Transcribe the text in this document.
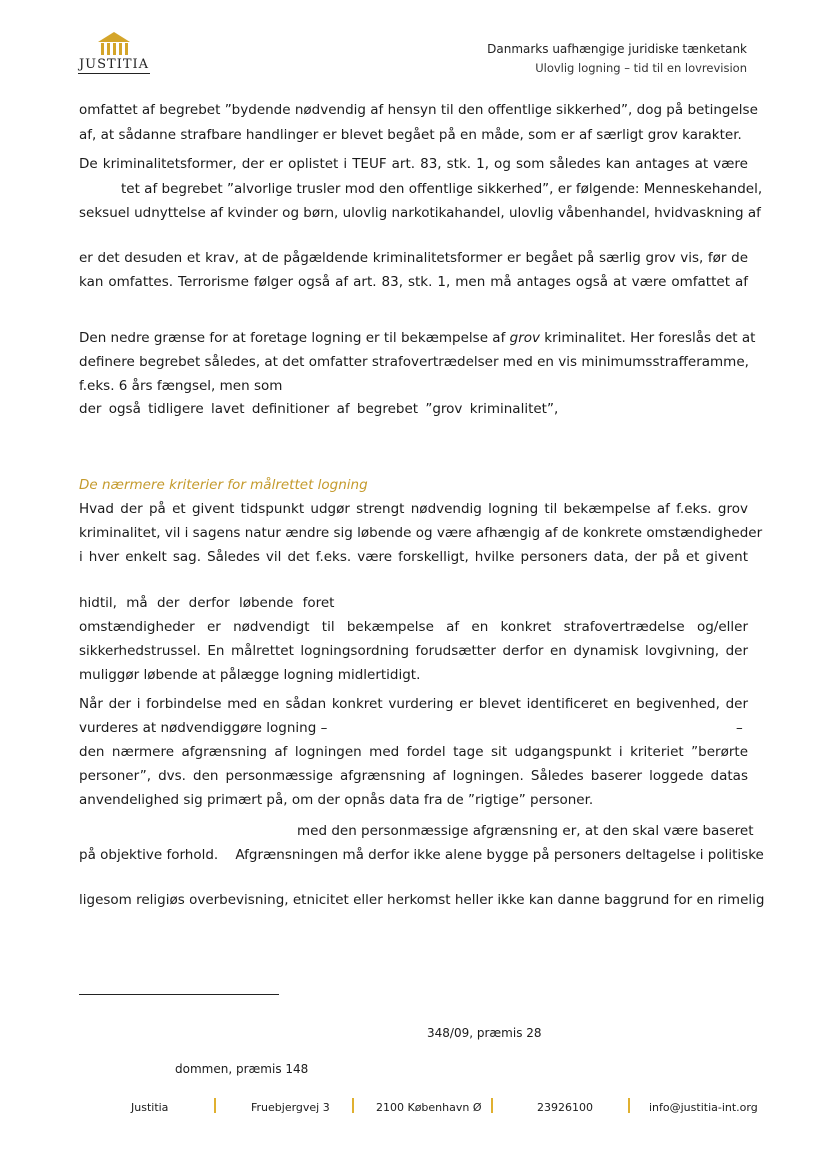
JUSTITIA
Danmarks uafhængige juridiske tænketank
Ulovlig logning – tid til en lovrevision
omfattet af begrebet ”bydende nødvendig af hensyn til den offentlige sikkerhed”, dog på betingelse
af, at sådanne strafbare handlinger er blevet begået på en måde, som er af særligt grov karakter.
De kriminalitetsformer, der er oplistet i TEUF art. 83, stk. 1, og som således kan antages at være
tet af begrebet ”alvorlige trusler mod den offentlige sikkerhed”, er følgende: Menneskehandel,
seksuel udnyttelse af kvinder og børn, ulovlig narkotikahandel, ulovlig våbenhandel, hvidvaskning af
er det desuden et krav, at de pågældende kriminalitetsformer er begået på særlig grov vis, før de
kan omfattes. Terrorisme følger også af art. 83, stk. 1, men må antages også at være omfattet af
Den nedre grænse for at foretage logning er til bekæmpelse af grov kriminalitet. Her foreslås det at
definere begrebet således, at det omfatter strafovertrædelser med en vis minimumsstrafferamme,
f.eks. 6 års fængsel, men som
der også tidligere lavet definitioner af begrebet ”grov kriminalitet”,
De nærmere kriterier for målrettet logning
Hvad der på et givent tidspunkt udgør strengt nødvendig logning til bekæmpelse af f.eks. grov
kriminalitet, vil i sagens natur ændre sig løbende og være afhængig af de konkrete omstændigheder
i hver enkelt sag. Således vil det f.eks. være forskelligt, hvilke personers data, der på et givent
hidtil, må der derfor løbende foret
omstændigheder er nødvendigt til bekæmpelse af en konkret strafovertrædelse og/eller
sikkerhedstrussel. En målrettet logningsordning forudsætter derfor en dynamisk lovgivning, der
muliggør løbende at pålægge logning midlertidigt.
Når der i forbindelse med en sådan konkret vurdering er blevet identificeret en begivenhed, der
vurderes at nødvendiggøre logning –	–
den nærmere afgrænsning af logningen med fordel tage sit udgangspunkt i kriteriet ”berørte
personer”, dvs. den personmæssige afgrænsning af logningen. Således baserer loggede datas
anvendelighed sig primært på, om der opnås data fra de ”rigtige” personer.
med den personmæssige afgrænsning er, at den skal være baseret
på objektive forhold.    Afgrænsningen må derfor ikke alene bygge på personers deltagelse i politiske
ligesom religiøs overbevisning, etnicitet eller herkomst heller ikke kan danne baggrund for en rimelig
348/09, præmis 28
dommen, præmis 148
Justitia	Fruebjergvej 3	2100 København Ø	23926100	info@justitia-int.org
